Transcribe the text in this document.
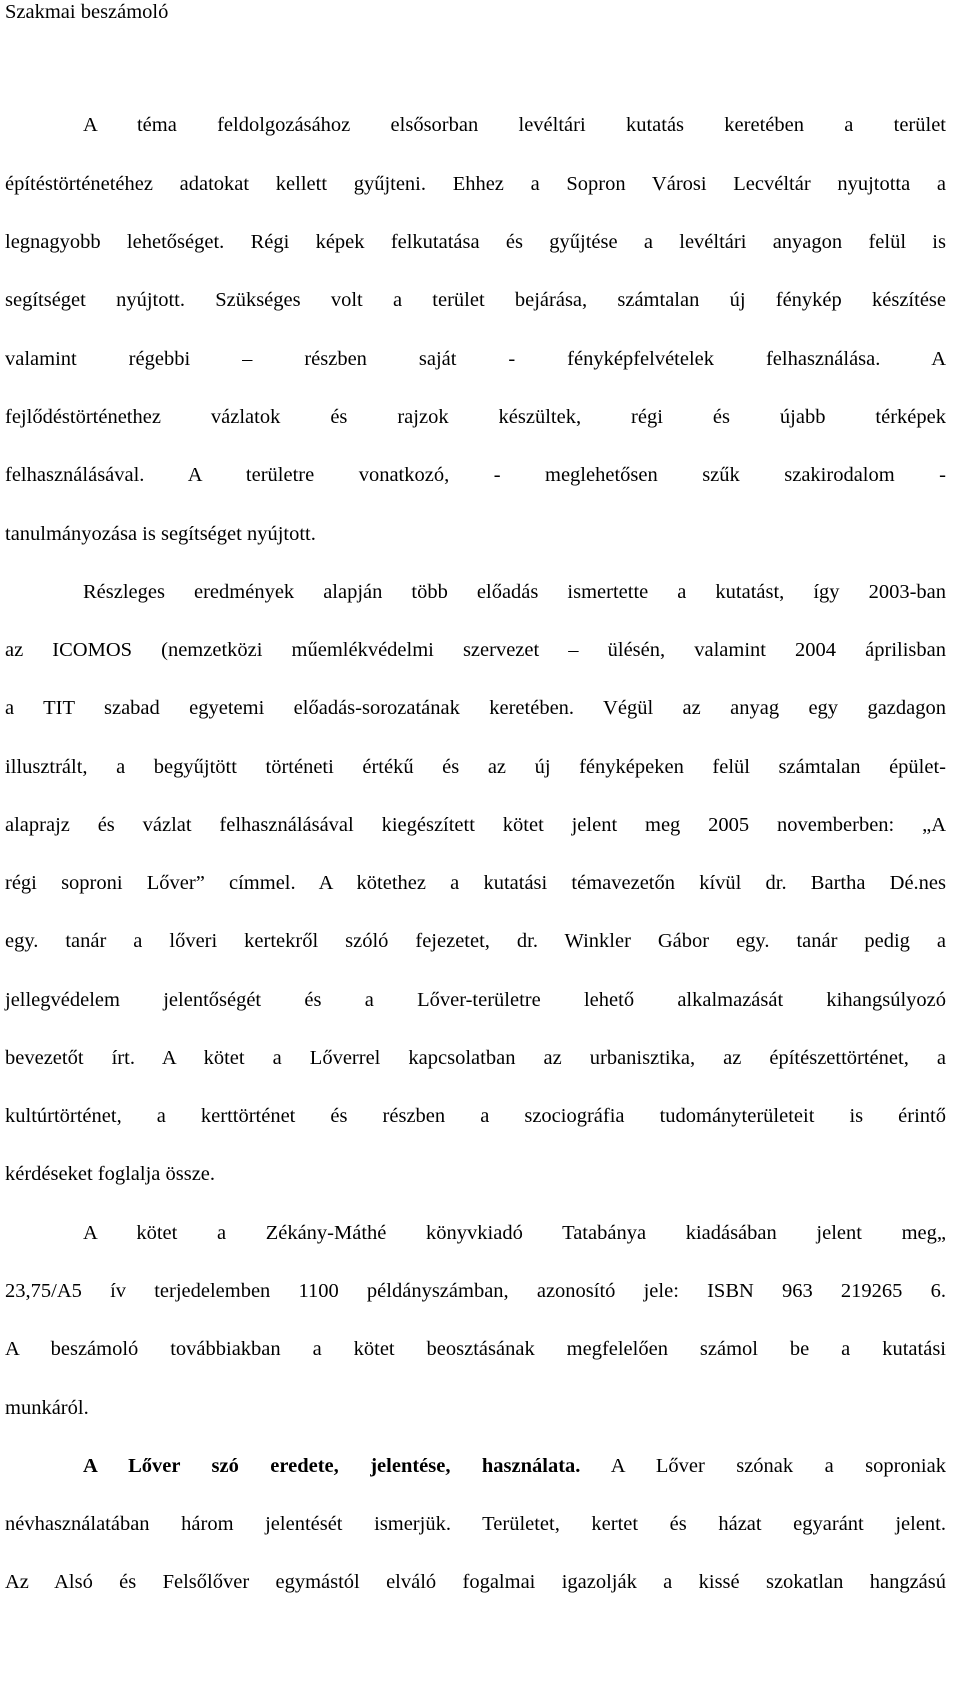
Szakmai beszámoló
A téma feldolgozásához elsősorban levéltári kutatás keretében a terület
építéstörténetéhez adatokat kellett gyűjteni. Ehhez a Sopron Városi Lecvéltár nyujtotta a
legnagyobb lehetőséget. Régi képek felkutatása és gyűjtése a levéltári anyagon felül is
segítséget nyújtott. Szükséges volt a terület bejárása, számtalan új fénykép készítése
valamint régebbi – részben saját - fényképfelvételek felhasználása. A
fejlődéstörténethez vázlatok és rajzok készültek, régi és újabb térképek
felhasználásával. A területre vonatkozó, - meglehetősen szűk szakirodalom -
tanulmányozása is segítséget nyújtott.
Részleges eredmények alapján több előadás ismertette a kutatást, így 2003-ban
az ICOMOS (nemzetközi műemlékvédelmi szervezet – ülésén, valamint 2004 áprilisban
a TIT szabad egyetemi előadás-sorozatának keretében. Végül az anyag egy gazdagon
illusztrált, a begyűjtött történeti értékű és az új fényképeken felül számtalan épület-
alaprajz és vázlat felhasználásával kiegészített kötet jelent meg 2005 novemberben: „A
régi soproni Lőver” címmel. A kötethez a kutatási témavezetőn kívül dr. Bartha Dé.nes
egy. tanár a lőveri kertekről szóló fejezetet, dr. Winkler Gábor egy. tanár pedig a
jellegvédelem jelentőségét és a Lőver-területre lehető alkalmazását kihangsúlyozó
bevezetőt írt. A kötet a Lőverrel kapcsolatban az urbanisztika, az építészettörténet, a
kultúrtörténet, a kerttörténet és részben a szociográfia tudományterületeit is érintő
kérdéseket foglalja össze.
A kötet a Zékány-Máthé könyvkiadó Tatabánya kiadásában jelent meg„
23,75/A5 ív terjedelemben 1100 példányszámban, azonosító jele: ISBN 963 219265 6.
A beszámoló továbbiakban a kötet beosztásának megfelelően számol be a kutatási
munkáról.
A Lőver szó eredete, jelentése, használata. A Lőver szónak a soproniak
névhasználatában három jelentését ismerjük. Területet, kertet és házat egyaránt jelent.
Az Alsó és Felsőlőver egymástól elváló fogalmai igazolják a kissé szokatlan hangzású
